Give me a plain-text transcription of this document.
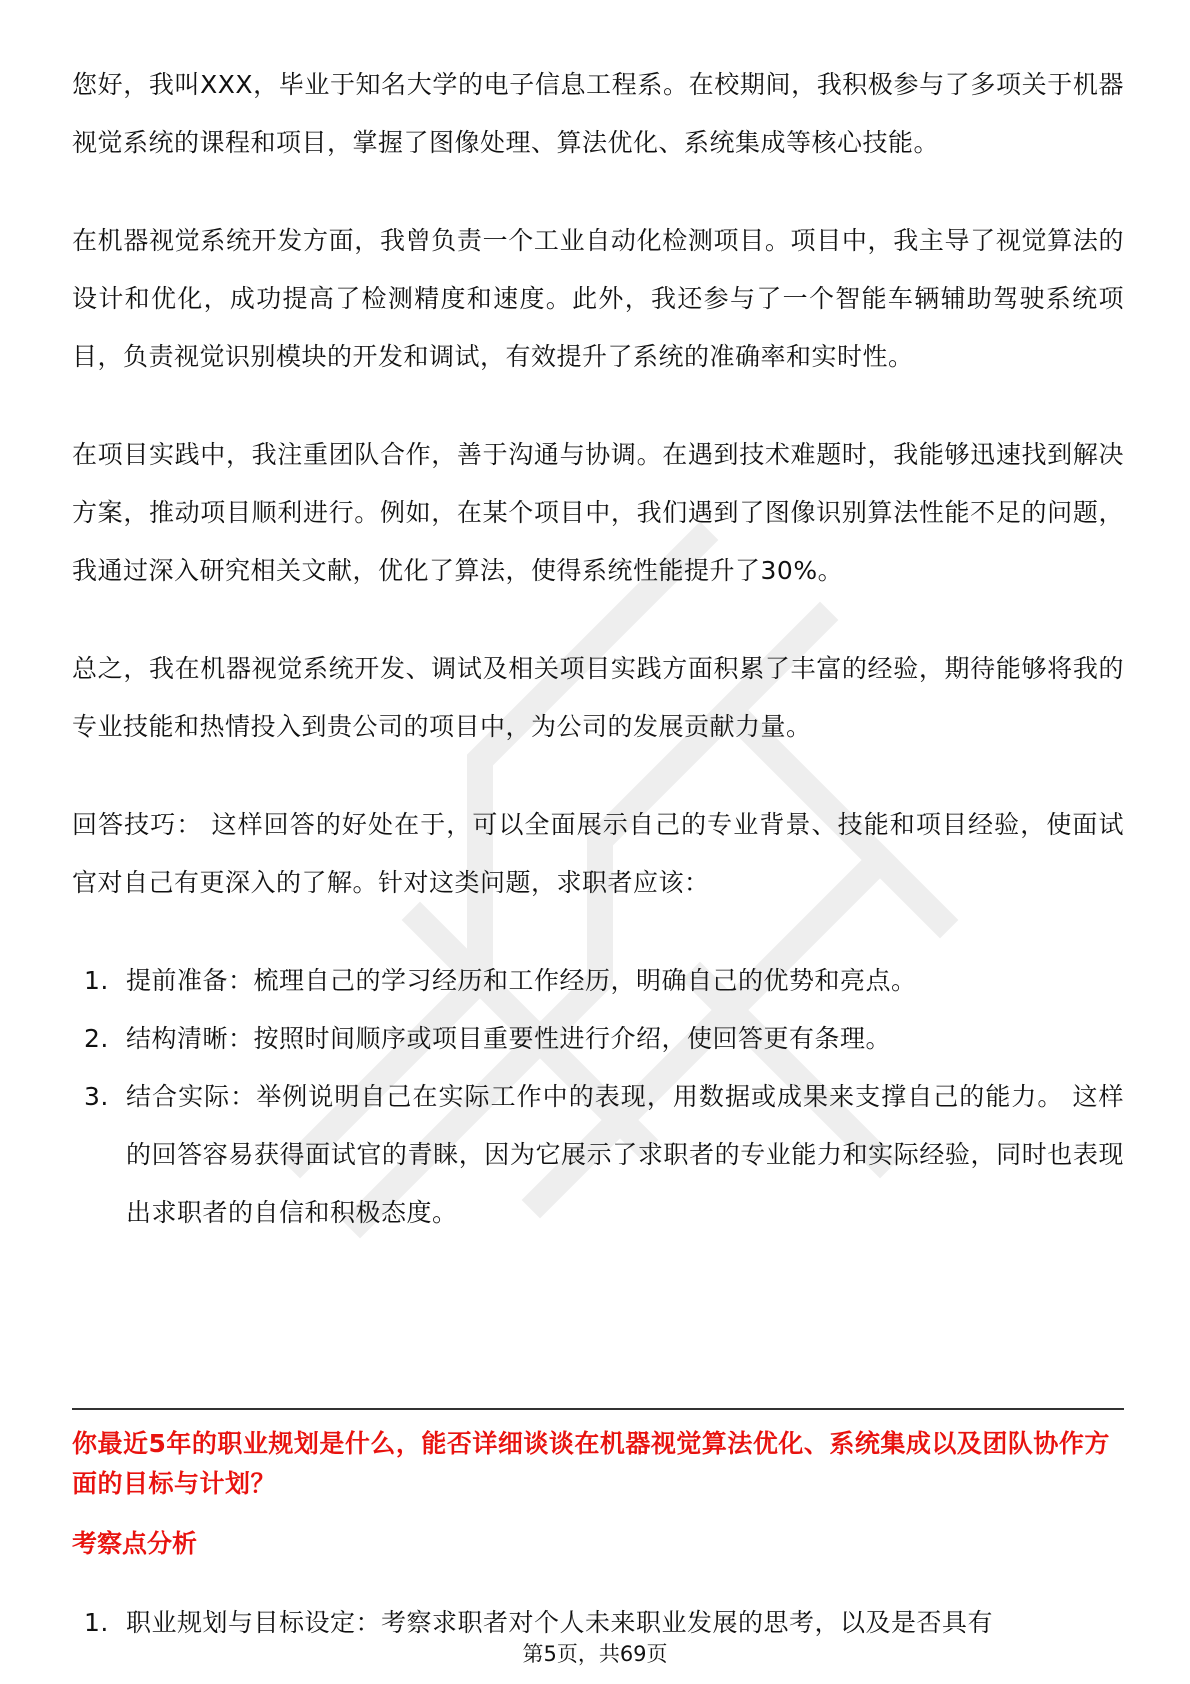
您好，我叫XXX，毕业于知名大学的电子信息工程系。在校期间，我积极参与了多项关于机器视觉系统的课程和项目，掌握了图像处理、算法优化、系统集成等核心技能。

在机器视觉系统开发方面，我曾负责一个工业自动化检测项目。项目中，我主导了视觉算法的设计和优化，成功提高了检测精度和速度。此外，我还参与了一个智能车辆辅助驾驶系统项目，负责视觉识别模块的开发和调试，有效提升了系统的准确率和实时性。

在项目实践中，我注重团队合作，善于沟通与协调。在遇到技术难题时，我能够迅速找到解决方案，推动项目顺利进行。例如，在某个项目中，我们遇到了图像识别算法性能不足的问题，我通过深入研究相关文献，优化了算法，使得系统性能提升了30%。

总之，我在机器视觉系统开发、调试及相关项目实践方面积累了丰富的经验，期待能够将我的专业技能和热情投入到贵公司的项目中，为公司的发展贡献力量。

回答技巧： 这样回答的好处在于，可以全面展示自己的专业背景、技能和项目经验，使面试官对自己有更深入的了解。针对这类问题，求职者应该：

1. 提前准备：梳理自己的学习经历和工作经历，明确自己的优势和亮点。
2. 结构清晰：按照时间顺序或项目重要性进行介绍，使回答更有条理。
3. 结合实际：举例说明自己在实际工作中的表现，用数据或成果来支撑自己的能力。 这样的回答容易获得面试官的青睐，因为它展示了求职者的专业能力和实际经验，同时也表现出求职者的自信和积极态度。
你最近5年的职业规划是什么，能否详细谈谈在机器视觉算法优化、系统集成以及团队协作方面的目标与计划？
考察点分析
1. 职业规划与目标设定：考察求职者对个人未来职业发展的思考，以及是否具有
第5页，共69页
